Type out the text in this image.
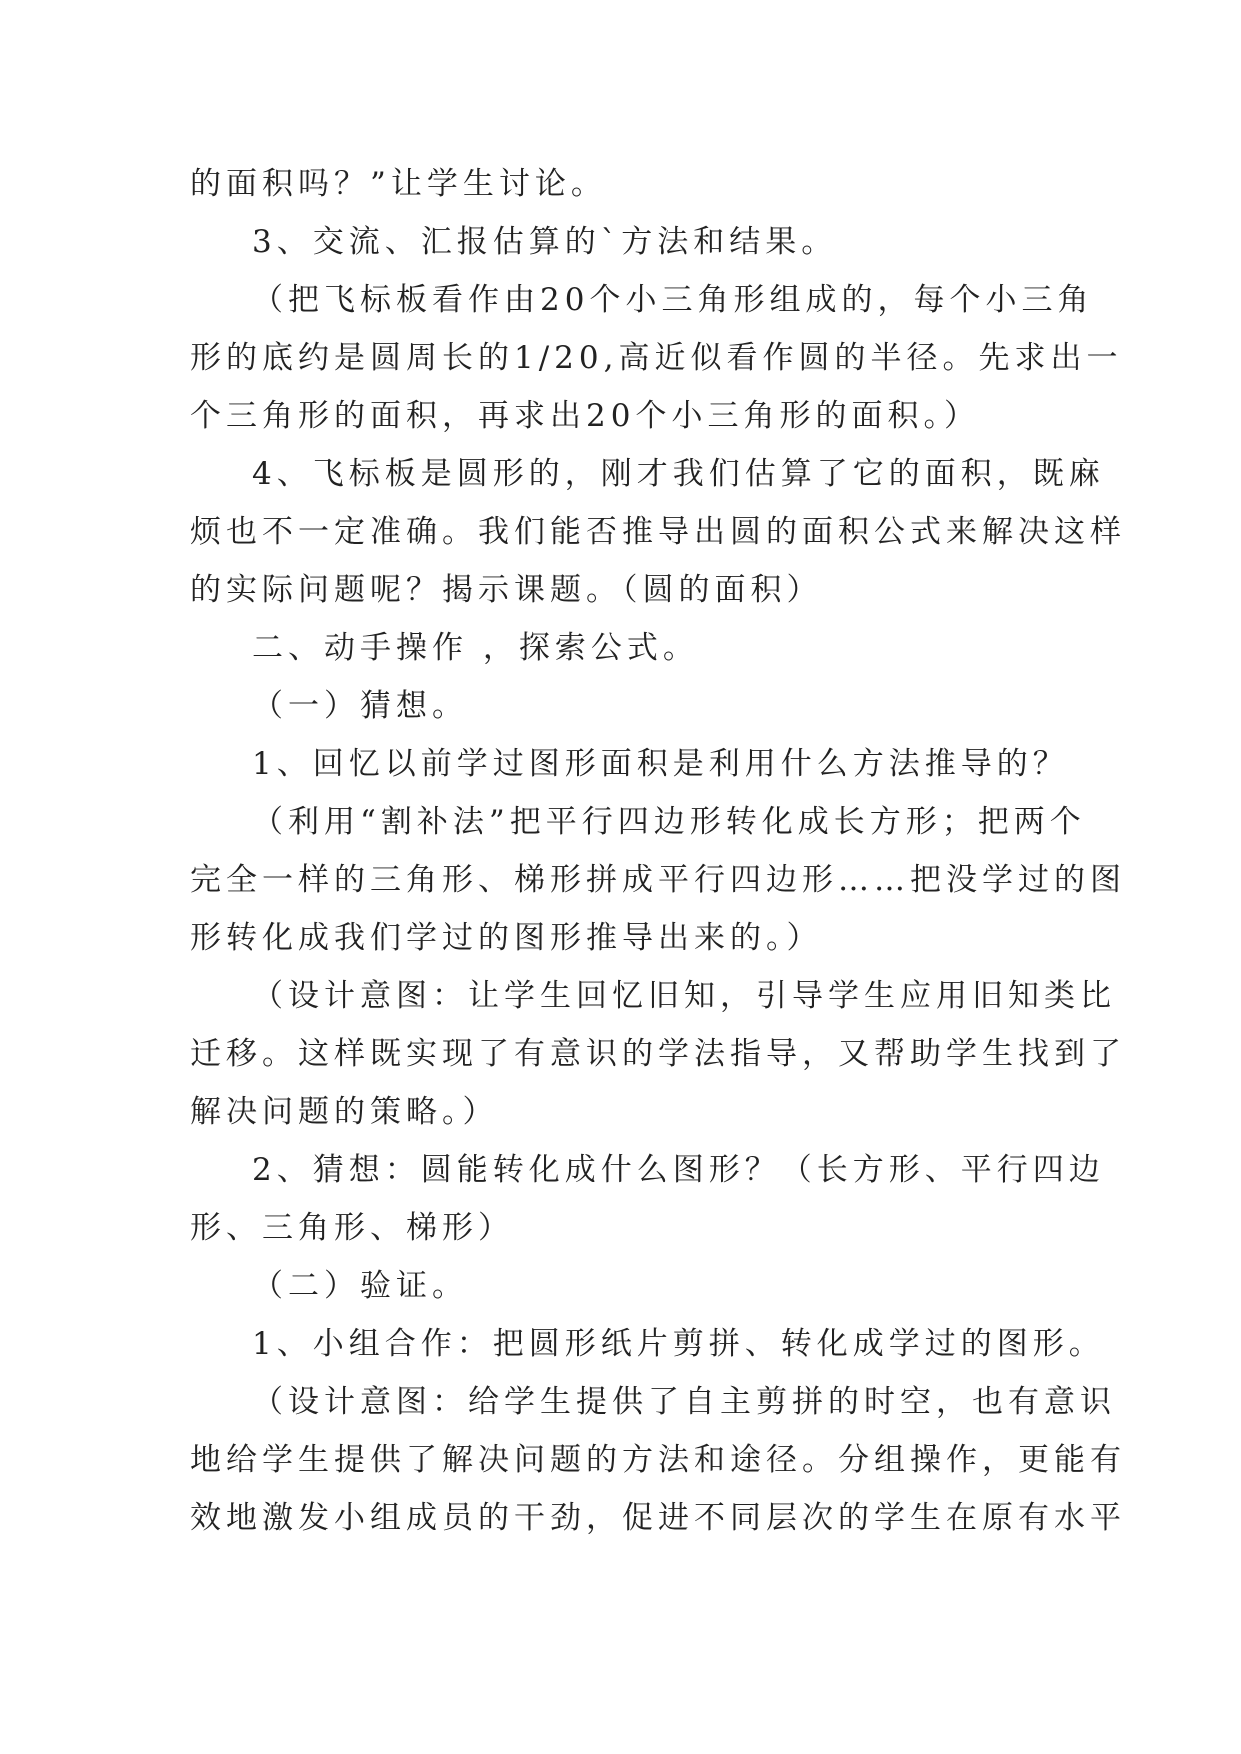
的面积吗？”让学生讨论。
3、交流、汇报估算的`方法和结果。
（把飞标板看作由20个小三角形组成的，每个小三角
形的底约是圆周长的1/20,高近似看作圆的半径。先求出一
个三角形的面积，再求出20个小三角形的面积。）
4、飞标板是圆形的，刚才我们估算了它的面积，既麻
烦也不一定准确。我们能否推导出圆的面积公式来解决这样
的实际问题呢？揭示课题。（圆的面积）
二、动手操作 ，探索公式。
（一）猜想。
1、回忆以前学过图形面积是利用什么方法推导的？
（利用“割补法”把平行四边形转化成长方形；把两个
完全一样的三角形、梯形拼成平行四边形……把没学过的图
形转化成我们学过的图形推导出来的。）
（设计意图：让学生回忆旧知，引导学生应用旧知类比
迁移。这样既实现了有意识的学法指导，又帮助学生找到了
解决问题的策略。）
2、猜想：圆能转化成什么图形？（长方形、平行四边
形、三角形、梯形）
（二）验证。
1、小组合作：把圆形纸片剪拼、转化成学过的图形。
（设计意图：给学生提供了自主剪拼的时空，也有意识
地给学生提供了解决问题的方法和途径。分组操作，更能有
效地激发小组成员的干劲，促进不同层次的学生在原有水平
